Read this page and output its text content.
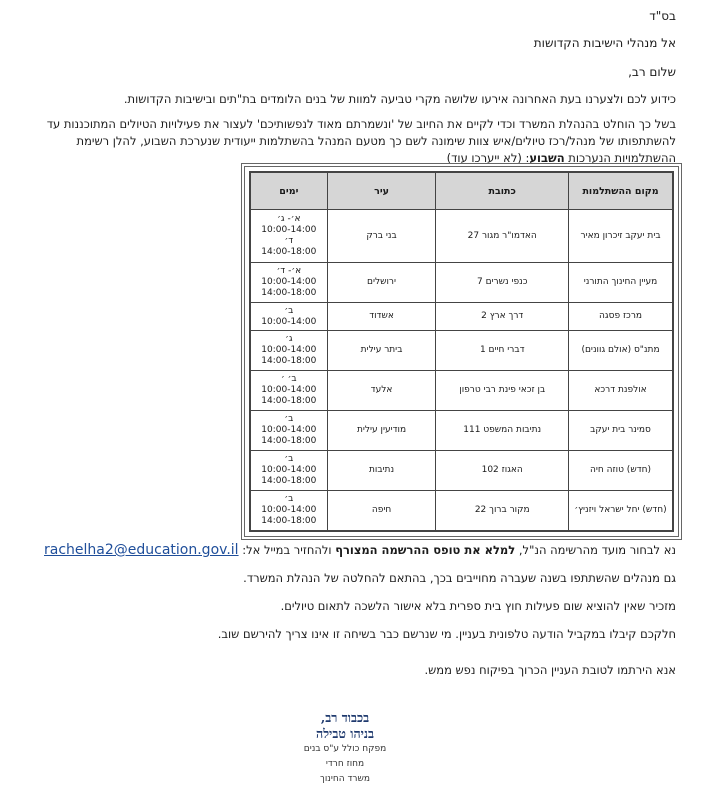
בס"ד
אל מנהלי הישיבות הקדושות
שלום רב,
כידוע לכם ולצערנו בעת האחרונה אירעו שלושה מקרי טביעה למוות של בנים הלומדים בת"תים ובישיבות הקדושות.
בשל כך הוחלט בהנהלת המשרד וכדי לקיים את החיוב של 'ונשמרתם מאוד לנפשותיכם' לעצור את פעילויות הטיולים המתוכננות עד להשתתפותו של מנהל/רכז טיולים/איש צוות שימונה לשם כך מטעם המנהל בהשתלמות ייעודית שנערכת השבוע, להלן רשימת ההשתלמויות הנערכות השבוע: (לא ייערכו עוד)
מקום ההשתלמות	כתובת	עיר	ימים
בית יעקב זיכרון מאיר	האדמו"ר מגור 27	בני ברק	א׳- ג׳
10:00-14:00
ד׳
14:00-18:00

מעיין החינוך התורני	כנפי נשרים 7	ירושלים	א׳- ד׳
10:00-14:00
14:00-18:00

מרכז פסגה	דרך ארץ 2	אשדוד	ב׳
10:00-14:00

מתנ"ס (אולם גוונים)	דברי חיים 1	ביתר עילית	ג׳
10:00-14:00
14:00-18:00

אולפנת דרכא	בן זכאי פינת רבי טרפון	אלעד	ב׳ ׳
10:00-14:00
14:00-18:00

סמינר בית יעקב	נתיבות המשפט 111	מודיעין עילית	ב׳
10:00-14:00
14:00-18:00

(חדש) טוזה חיה	האגוז 102	נתיבות	ב׳
10:00-14:00
14:00-18:00

(חדש) יחל ישראל ויזניץ׳	מקור ברוך 22	חיפה	ב׳
10:00-14:00
14:00-18:00
נא לבחור מועד מהרשימה הנ"ל, למלא את טופס ההרשמה המצורף ולהחזיר במייל אל: rachelha2@education.gov.il
גם מנהלים שהשתתפו בשנה שעברה מחוייבים בכך, בהתאם להחלטה של הנהלת המשרד.
מזכיר שאין להוציא שום פעילות חוץ בית ספרית בלא אישור הלשכה לתאום טיולים.
חלקכם קיבלו במקביל הודעה טלפונית בעניין. מי שנרשם כבר בשיחה זו אינו צריך להירשם שוב.
אנא הירתמו לטובת העניין הכרוך בפיקוח נפש ממש.
בכבוד רב,
בניהו טבילה
מפקח כולל ע"ס בנים
מחוז חרדי
משרד החינוך
